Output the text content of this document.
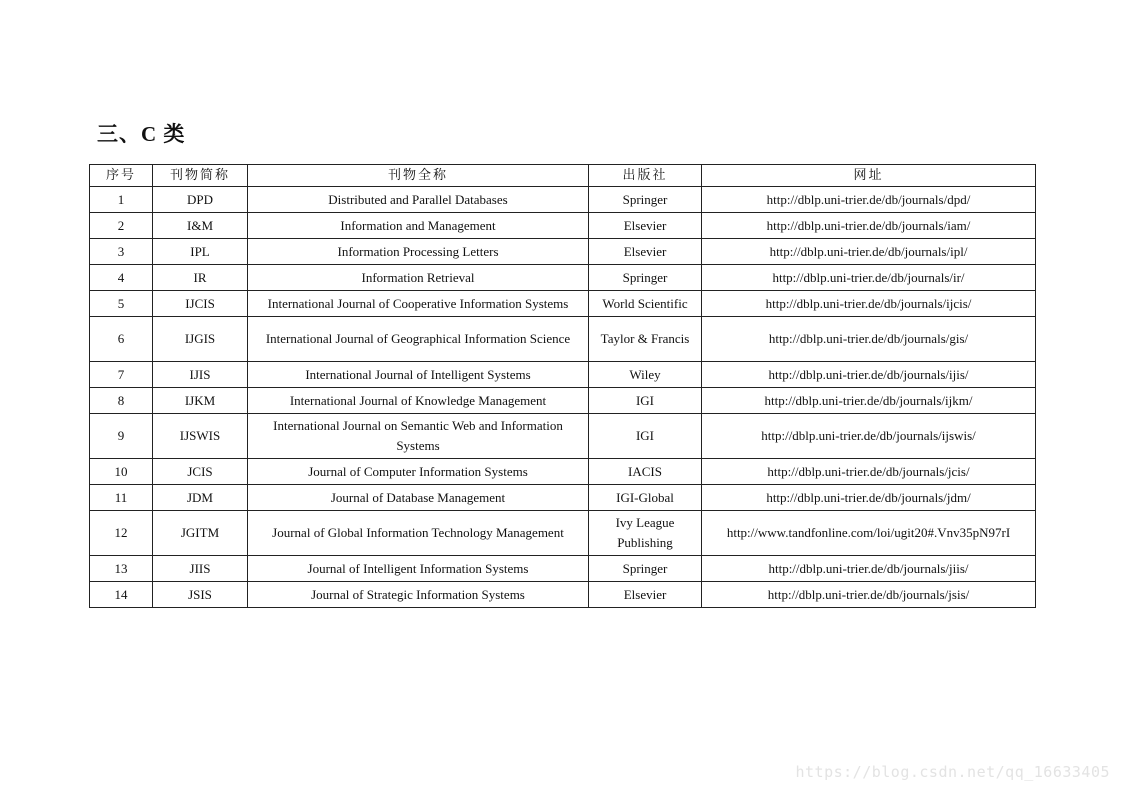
三、C 类
序号	刊物简称	刊物全称	出版社	网址
1	DPD	Distributed and Parallel Databases	Springer	http://dblp.uni-trier.de/db/journals/dpd/
2	I&M	Information and Management	Elsevier	http://dblp.uni-trier.de/db/journals/iam/
3	IPL	Information Processing Letters	Elsevier	http://dblp.uni-trier.de/db/journals/ipl/
4	IR	Information Retrieval	Springer	http://dblp.uni-trier.de/db/journals/ir/
5	IJCIS	International Journal of Cooperative Information Systems	World Scientific	http://dblp.uni-trier.de/db/journals/ijcis/
6	IJGIS	International Journal of Geographical Information Science	Taylor & Francis	http://dblp.uni-trier.de/db/journals/gis/
7	IJIS	International Journal of Intelligent Systems	Wiley	http://dblp.uni-trier.de/db/journals/ijis/
8	IJKM	International Journal of Knowledge Management	IGI	http://dblp.uni-trier.de/db/journals/ijkm/
9	IJSWIS	International Journal on Semantic Web and Information Systems	IGI	http://dblp.uni-trier.de/db/journals/ijswis/
10	JCIS	Journal of Computer Information Systems	IACIS	http://dblp.uni-trier.de/db/journals/jcis/
11	JDM	Journal of Database Management	IGI-Global	http://dblp.uni-trier.de/db/journals/jdm/
12	JGITM	Journal of Global Information Technology Management	Ivy League Publishing	http://www.tandfonline.com/loi/ugit20#.Vnv35pN97rI
13	JIIS	Journal of Intelligent Information Systems	Springer	http://dblp.uni-trier.de/db/journals/jiis/
14	JSIS	Journal of Strategic Information Systems	Elsevier	http://dblp.uni-trier.de/db/journals/jsis/
https://blog.csdn.net/qq_16633405
